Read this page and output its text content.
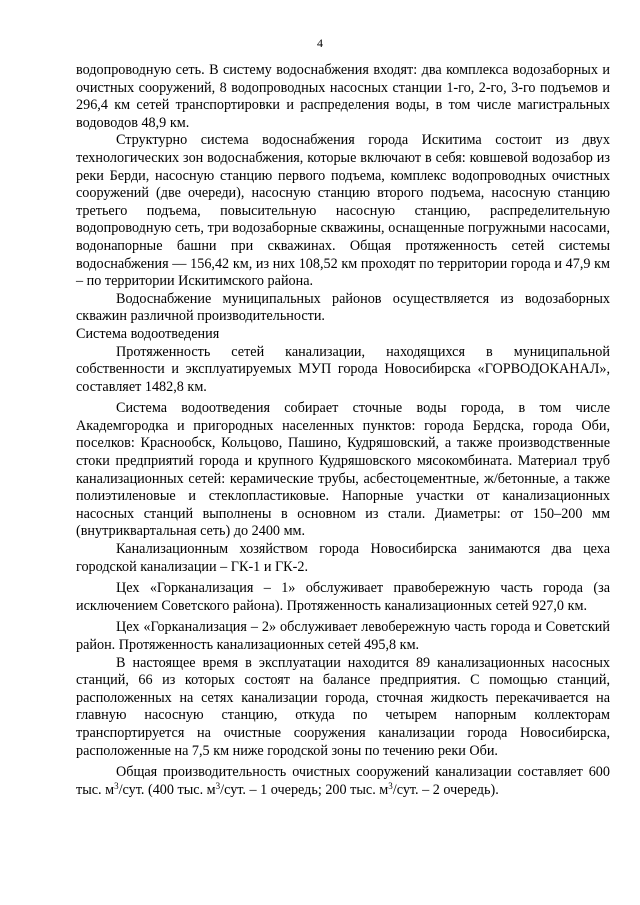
4

водопроводную сеть. В систему водоснабжения входят: два комплекса водозаборных и очистных сооружений, 8 водопроводных насосных станции 1-го, 2-го, 3-го подъемов и 296,4 км сетей транспортировки и распределения воды, в том числе магистральных водоводов 48,9 км.

Структурно система водоснабжения города Искитима состоит из двух технологических зон водоснабжения, которые включают в себя: ковшевой водозабор из реки Берди, насосную станцию первого подъема, комплекс водопроводных очистных сооружений (две очереди), насосную станцию второго подъема, насосную станцию третьего подъема, повысительную насосную станцию, распределительную водопроводную сеть, три водозаборные скважины, оснащенные погружными насосами, водонапорные башни при скважинах. Общая протяженность сетей системы водоснабжения — 156,42 км, из них 108,52 км проходят по территории города и 47,9 км – по территории Искитимского района.

Водоснабжение муниципальных районов осуществляется из водозаборных скважин различной производительности.

Система водоотведения

Протяженность сетей канализации, находящихся в муниципальной собственности и эксплуатируемых МУП города Новосибирска «ГОРВОДОКАНАЛ», составляет 1482,8 км.

Система водоотведения собирает сточные воды города, в том числе Академгородка и пригородных населенных пунктов: города Бердска, города Оби, поселков: Краснообск, Кольцово, Пашино, Кудряшовский, а также производственные стоки предприятий города и крупного Кудряшовского мясокомбината. Материал труб канализационных сетей: керамические трубы, асбестоцементные, ж/бетонные, а также полиэтиленовые и стеклопластиковые. Напорные участки от канализационных насосных станций выполнены в основном из стали. Диаметры: от 150–200 мм (внутриквартальная сеть) до 2400 мм.

Канализационным хозяйством города Новосибирска занимаются два цеха городской канализации – ГК-1 и ГК-2.

Цех «Горканализация – 1» обслуживает правобережную часть города (за исключением Советского района). Протяженность канализационных сетей 927,0 км.

Цех «Горканализация – 2» обслуживает левобережную часть города и Советский район. Протяженность канализационных сетей 495,8 км.

В настоящее время в эксплуатации находится 89 канализационных насосных станций, 66 из которых состоят на балансе предприятия. С помощью станций, расположенных на сетях канализации города, сточная жидкость перекачивается на главную насосную станцию, откуда по четырем напорным коллекторам транспортируется на очистные сооружения канализации города Новосибирска, расположенные на 7,5 км ниже городской зоны по течению реки Оби.

Общая производительность очистных сооружений канализации составляет 600 тыс. $м^3$/сут. (400 тыс. $м^3$/сут. – 1 очередь; 200 тыс. $м^3$/сут. – 2 очередь).
